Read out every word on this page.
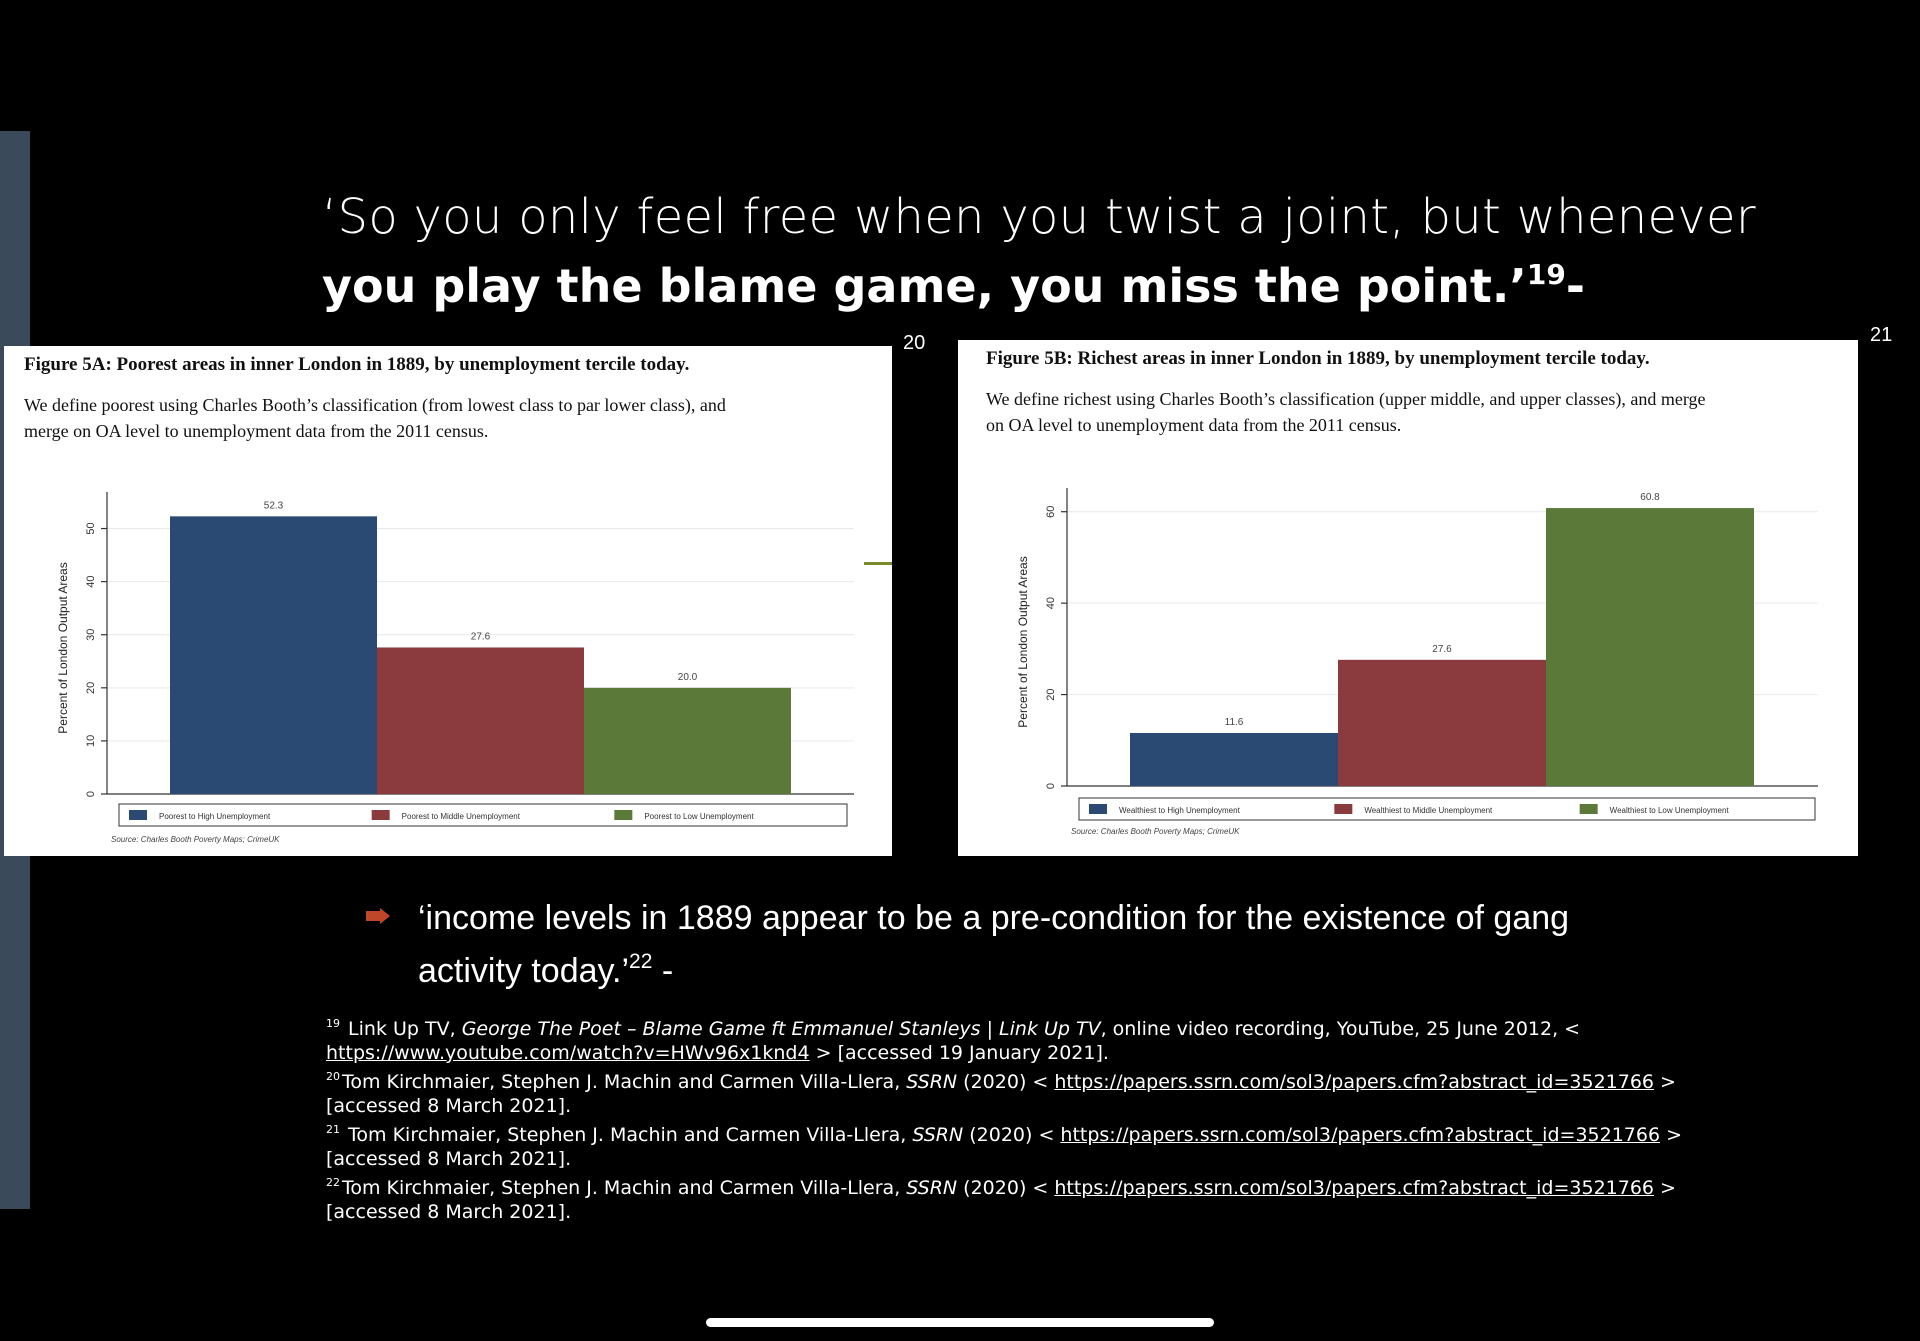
‘So you only feel free when you twist a joint, but whenever
you play the blame game, you miss the point.’$^{19}$-
20
Figure 5A: Poorest areas in inner London in 1889, by unemployment tercile today.
We define poorest using Charles Booth’s classification (from lowest class to par lower class), and
merge on OA level to unemployment data from the 2011 census.
0
10
20
30
40
50
Percent of London Output Areas
52.3
27.6
20.0
Poorest to High Unemployment	Poorest to Middle Unemployment	Poorest to Low Unemployment
Source: Charles Booth Poverty Maps; CrimeUK
21
Figure 5B: Richest areas in inner London in 1889, by unemployment tercile today.
We define richest using Charles Booth’s classification (upper middle, and upper classes), and merge
on OA level to unemployment data from the 2011 census.
0
20
40
60
Percent of London Output Areas	11.6
27.6
60.8
Wealthiest to High Unemployment	Wealthiest to Middle Unemployment	Wealthiest to Low Unemployment
Source: Charles Booth Poverty Maps; CrimeUK
‘income levels in 1889 appear to be a pre-condition for the existence of gang
activity today.’$^{22}$ -
$^{19}$ Link Up TV, George The Poet – Blame Game ft Emmanuel Stanleys | Link Up TV, online video recording, YouTube, 25 June 2012, <
https://www.youtube.com/watch?v=HWv96x1knd4 > [accessed 19 January 2021].
$^{20}$ Tom Kirchmaier, Stephen J. Machin and Carmen Villa-Llera, SSRN (2020) < https://papers.ssrn.com/sol3/papers.cfm?abstract_id=3521766 >
[accessed 8 March 2021].
$^{21}$ Tom Kirchmaier, Stephen J. Machin and Carmen Villa-Llera, SSRN (2020) < https://papers.ssrn.com/sol3/papers.cfm?abstract_id=3521766 >
[accessed 8 March 2021].
$^{22}$ Tom Kirchmaier, Stephen J. Machin and Carmen Villa-Llera, SSRN (2020) < https://papers.ssrn.com/sol3/papers.cfm?abstract_id=3521766 >
[accessed 8 March 2021].
